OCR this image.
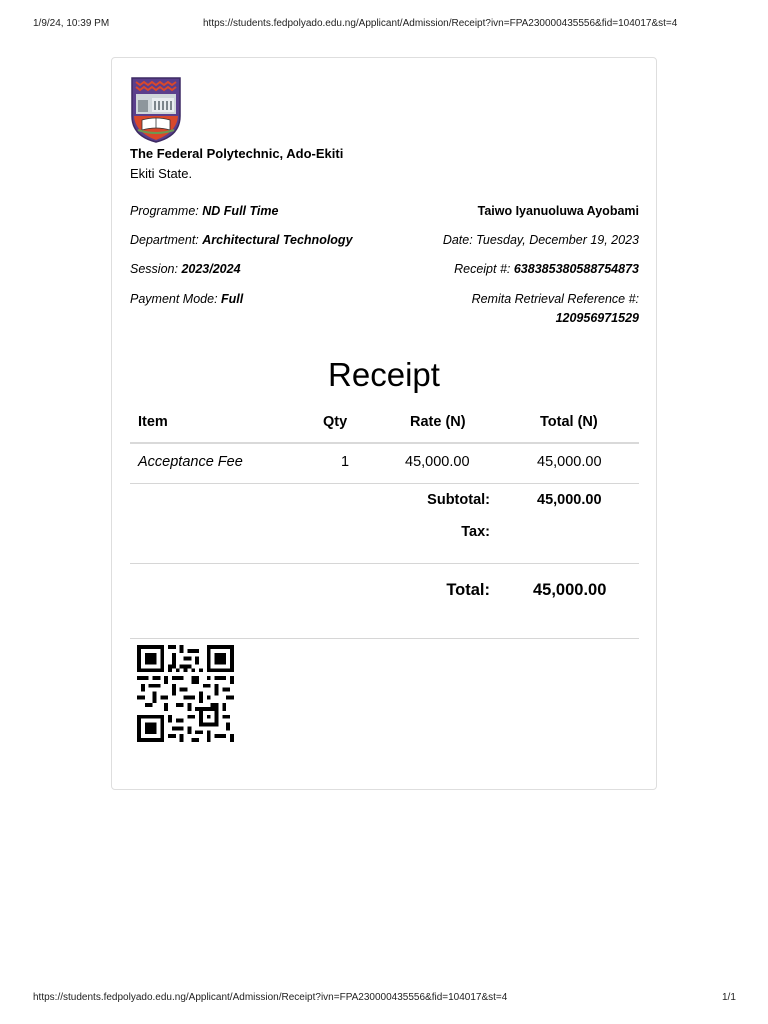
1/9/24, 10:39 PM	https://students.fedpolyado.edu.ng/Applicant/Admission/Receipt?ivn=FPA230000435556&fid=104017&st=4
The Federal Polytechnic, Ado-Ekiti
Ekiti State.
Programme: ND Full Time
Department: Architectural Technology
Session: 2023/2024
Payment Mode: Full
Taiwo Iyanuoluwa Ayobami
Date: Tuesday, December 19, 2023
Receipt #: 638385380588754873
Remita Retrieval Reference #:
120956971529
Receipt
Item	Qty	Rate (N)	Total (N)
Acceptance Fee	1	45,000.00	45,000.00
Subtotal:	45,000.00
Tax:
Total:	45,000.00
https://students.fedpolyado.edu.ng/Applicant/Admission/Receipt?ivn=FPA230000435556&fid=104017&st=4	1/1
